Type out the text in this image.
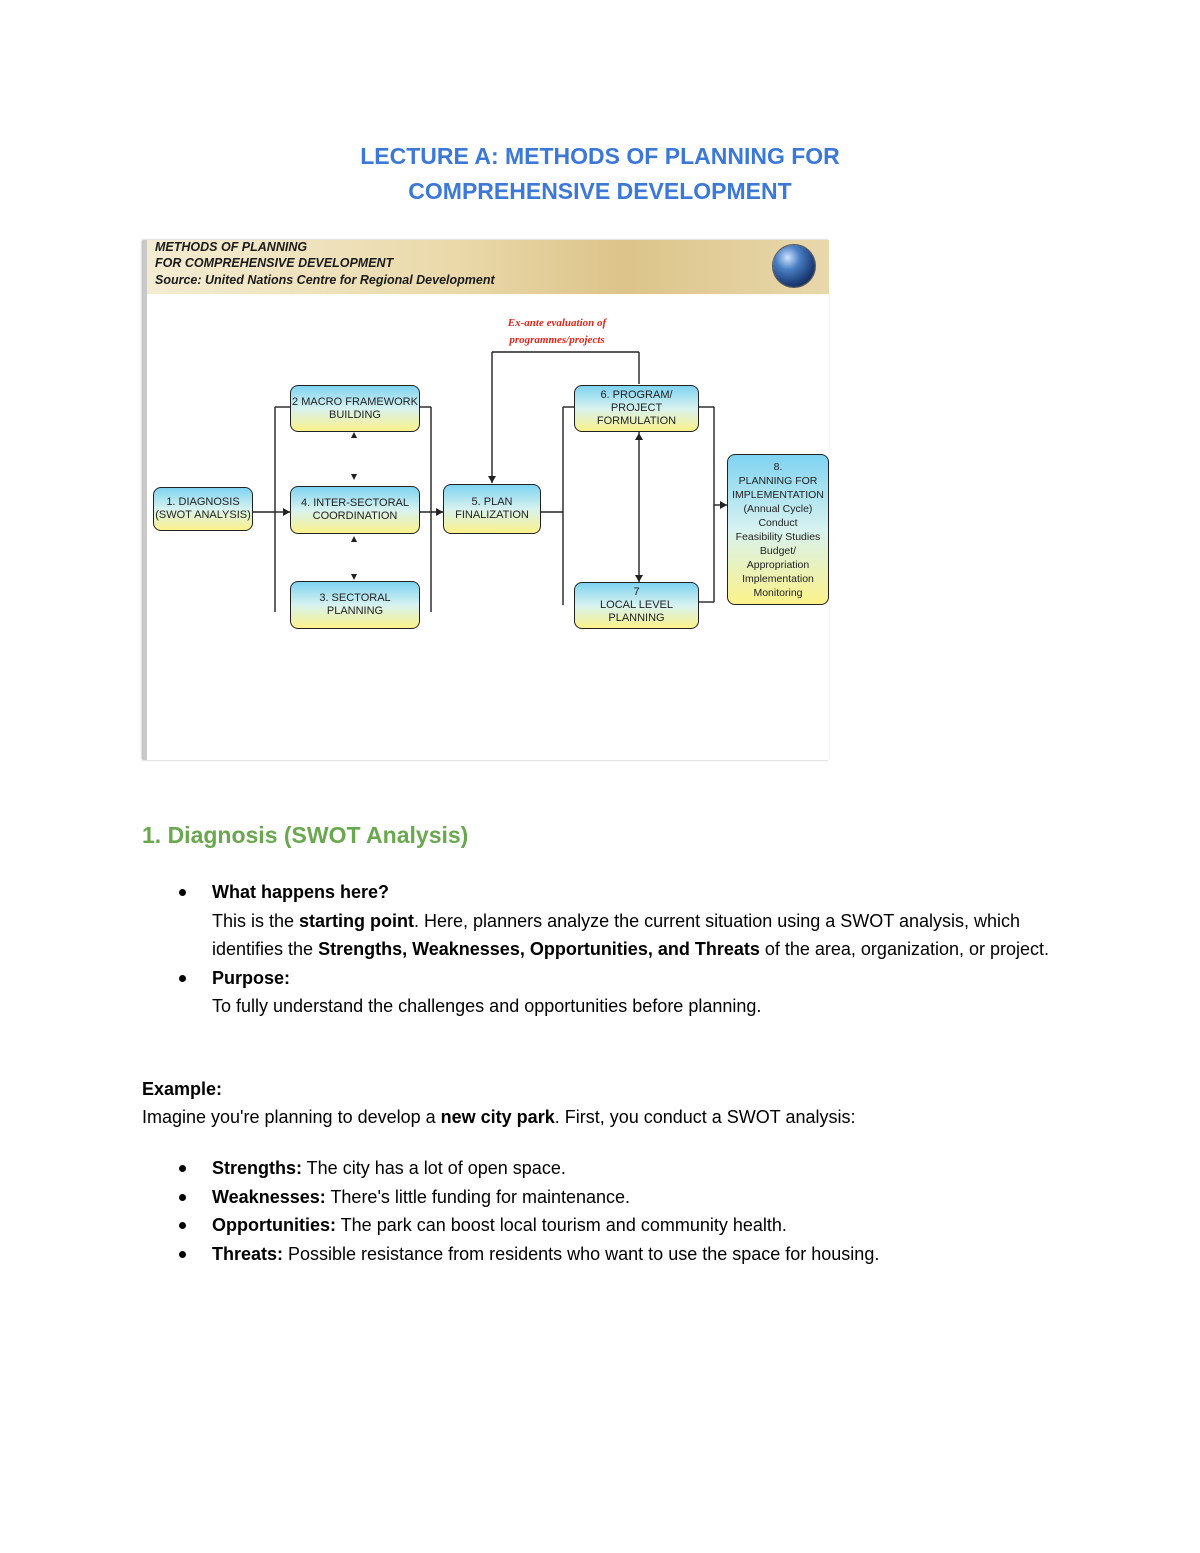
LECTURE A: METHODS OF PLANNING FOR
COMPREHENSIVE DEVELOPMENT
METHODS OF PLANNING
FOR COMPREHENSIVE DEVELOPMENT
Source: United Nations Centre for Regional Development
Ex-ante evaluation of
programmes/projects
1. DIAGNOSIS
(SWOT ANALYSIS)
2 MACRO FRAMEWORK
BUILDING
4. INTER-SECTORAL
COORDINATION
3. SECTORAL
PLANNING
5. PLAN
FINALIZATION
6. PROGRAM/
PROJECT
FORMULATION
7
LOCAL LEVEL
PLANNING
8.
PLANNING FOR
IMPLEMENTATION
(Annual Cycle)
Conduct
Feasibility Studies
Budget/
Appropriation
Implementation
Monitoring
1. Diagnosis (SWOT Analysis)
What happens here?
This is the starting point. Here, planners analyze the current situation using a SWOT analysis, which identifies the Strengths, Weaknesses, Opportunities, and Threats of the area, organization, or project.
Purpose:
To fully understand the challenges and opportunities before planning.
Example:
Imagine you're planning to develop a new city park. First, you conduct a SWOT analysis:
Strengths: The city has a lot of open space.
Weaknesses: There's little funding for maintenance.
Opportunities: The park can boost local tourism and community health.
Threats: Possible resistance from residents who want to use the space for housing.
